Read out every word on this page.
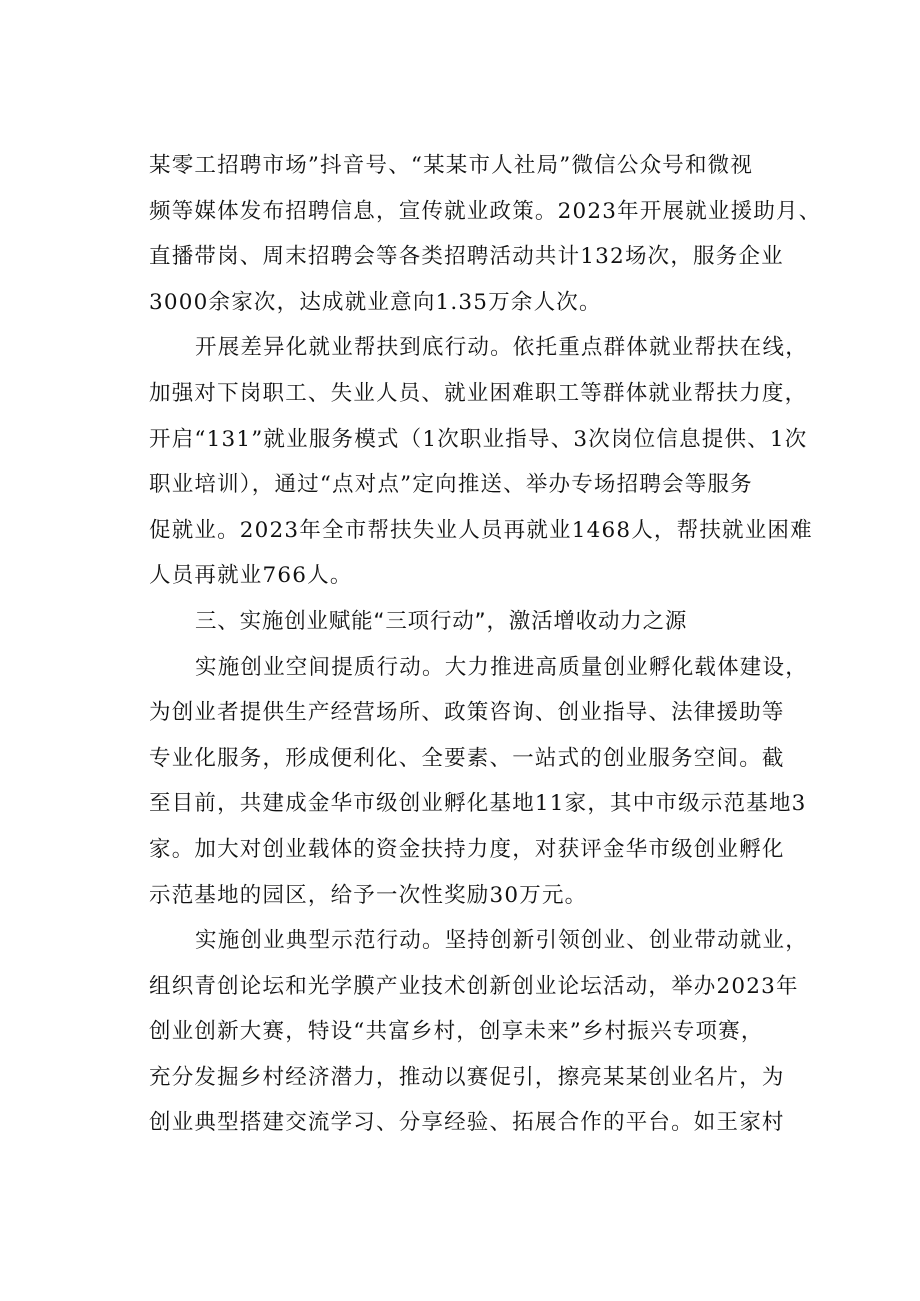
某零工招聘市场”抖音号、“某某市人社局”微信公众号和微视
频等媒体发布招聘信息，宣传就业政策。2023年开展就业援助月、
直播带岗、周末招聘会等各类招聘活动共计132场次，服务企业
3000余家次，达成就业意向1.35万余人次。
开展差异化就业帮扶到底行动。依托重点群体就业帮扶在线，
加强对下岗职工、失业人员、就业困难职工等群体就业帮扶力度，
开启“131”就业服务模式（1次职业指导、3次岗位信息提供、1次
职业培训），通过“点对点”定向推送、举办专场招聘会等服务
促就业。2023年全市帮扶失业人员再就业1468人，帮扶就业困难
人员再就业766人。
三、实施创业赋能“三项行动”，激活增收动力之源
实施创业空间提质行动。大力推进高质量创业孵化载体建设，
为创业者提供生产经营场所、政策咨询、创业指导、法律援助等
专业化服务，形成便利化、全要素、一站式的创业服务空间。截
至目前，共建成金华市级创业孵化基地11家，其中市级示范基地3
家。加大对创业载体的资金扶持力度，对获评金华市级创业孵化
示范基地的园区，给予一次性奖励30万元。
实施创业典型示范行动。坚持创新引领创业、创业带动就业，
组织青创论坛和光学膜产业技术创新创业论坛活动，举办2023年
创业创新大赛，特设“共富乡村，创享未来”乡村振兴专项赛，
充分发掘乡村经济潜力，推动以赛促引，擦亮某某创业名片，为
创业典型搭建交流学习、分享经验、拓展合作的平台。如王家村
